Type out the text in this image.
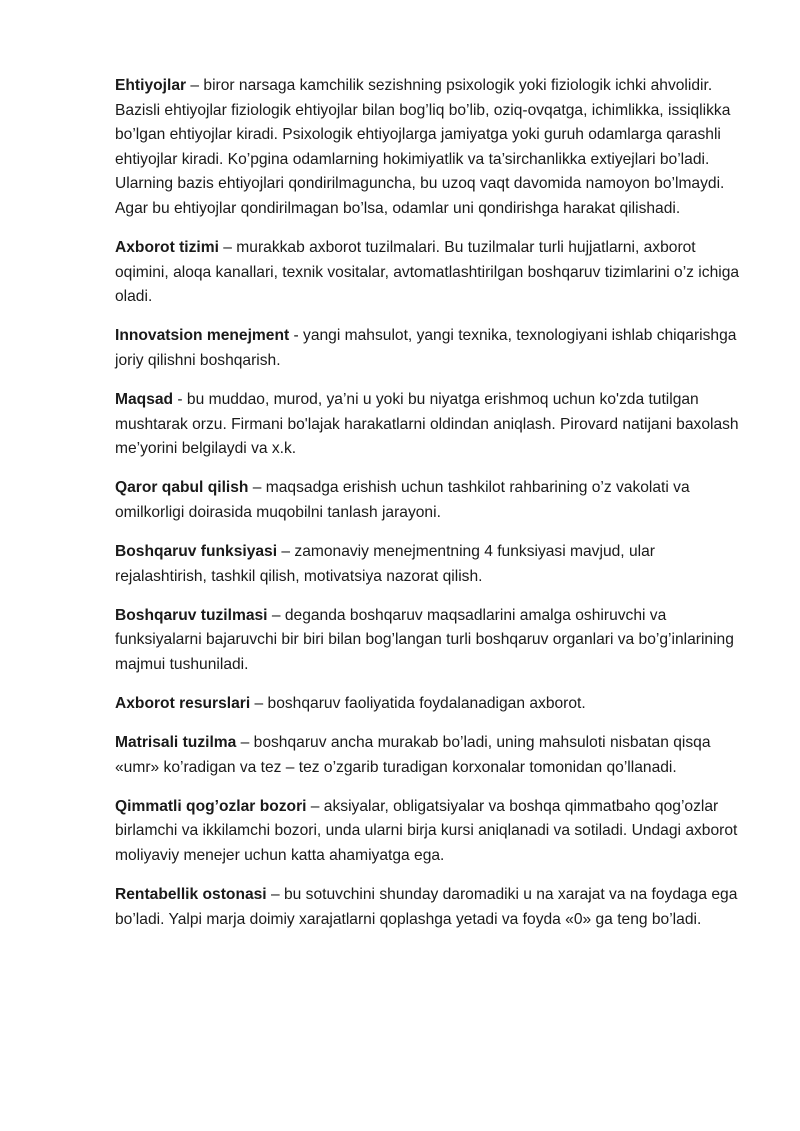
Ehtiyojlar – biror narsaga kamchilik sezishning psixologik yoki fiziologik ichki ahvolidir. Bazisli ehtiyojlar fiziologik ehtiyojlar bilan bog’liq bo’lib, oziq-ovqatga, ichimlikka, issiqlikka bo’lgan ehtiyojlar kiradi. Psixologik ehtiyojlarga jamiyatga yoki guruh odamlarga qarashli ehtiyojlar kiradi. Ko’pgina odamlarning hokimiyatlik va ta’sirchanlikka extiyejlari bo’ladi. Ularning bazis ehtiyojlari qondirilmaguncha, bu uzoq vaqt davomida namoyon bo’lmaydi. Agar bu ehtiyojlar qondirilmagan bo’lsa, odamlar uni qondirishga harakat qilishadi.

Axborot tizimi – murakkab axborot tuzilmalari. Bu tuzilmalar turli hujjatlarni, axborot oqimini, aloqa kanallari, texnik vositalar, avtomatlashtirilgan boshqaruv tizimlarini o’z ichiga oladi.

Innovatsion menejment - yangi mahsulot, yangi texnika, texnologiyani ishlab chiqarishga joriy qilishni boshqarish.

Maqsad - bu muddao, murod, ya’ni u yoki bu niyatga erishmoq uchun ko'zda tutilgan mushtarak orzu. Firmani bo'lajak harakatlarni oldindan aniqlash. Pirovard natijani baxolash me’yorini belgilaydi va x.k.

Qaror qabul qilish – maqsadga erishish uchun tashkilot rahbarining o’z vakolati va omilkorligi doirasida muqobilni tanlash jarayoni.

Boshqaruv funksiyasi – zamonaviy menejmentning 4 funksiyasi mavjud, ular rejalashtirish, tashkil qilish, motivatsiya nazorat qilish.

Boshqaruv tuzilmasi – deganda boshqaruv maqsadlarini amalga oshiruvchi va funksiyalarni bajaruvchi bir biri bilan bog’langan turli boshqaruv organlari va bo’g’inlarining majmui tushuniladi.

Axborot resurslari – boshqaruv faoliyatida foydalanadigan axborot.

Matrisali tuzilma – boshqaruv ancha murakab bo’ladi, uning mahsuloti nisbatan qisqa «umr» ko’radigan va tez – tez o’zgarib turadigan korxonalar tomonidan qo’llanadi.

Qimmatli qog’ozlar bozori – aksiyalar, obligatsiyalar va boshqa qimmatbaho qog’ozlar birlamchi va ikkilamchi bozori, unda ularni birja kursi aniqlanadi va sotiladi. Undagi axborot moliyaviy menejer uchun katta ahamiyatga ega.

Rentabellik ostonasi – bu sotuvchini shunday daromadiki u na xarajat va na foydaga ega bo’ladi. Yalpi marja doimiy xarajatlarni qoplashga yetadi va foyda «0» ga teng bo’ladi.
